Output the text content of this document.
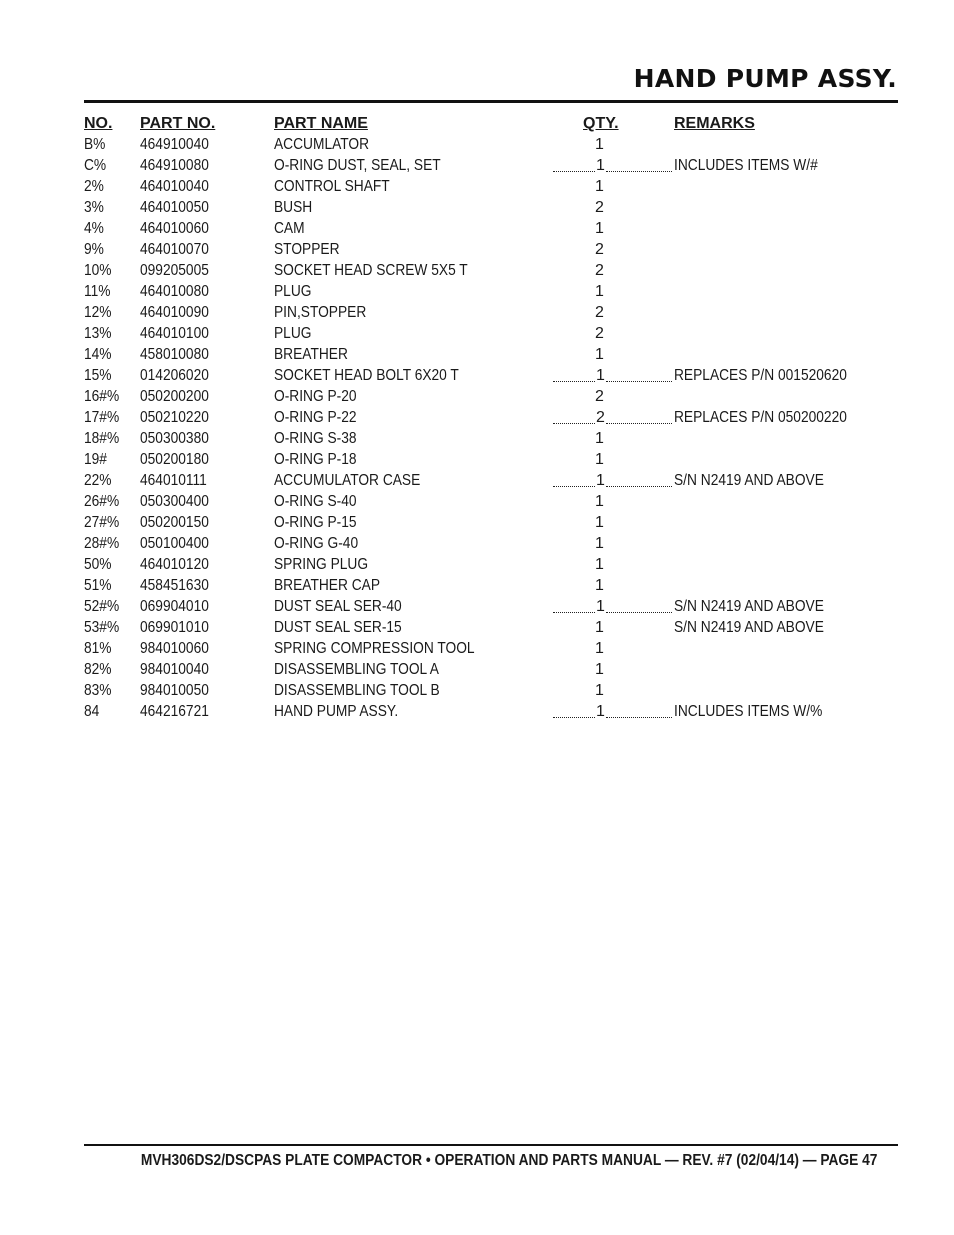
HAND PUMP ASSY.
NO.	PART NO.	PART NAME	QTY.	REMARKS
B%	464910040	ACCUMLATOR	1
C%	464910080	O-RING DUST, SEAL, SET	1	INCLUDES ITEMS W/#
2%	464010040	CONTROL SHAFT	1
3%	464010050	BUSH	2
4%	464010060	CAM	1
9%	464010070	STOPPER	2
10%	099205005	SOCKET HEAD SCREW 5X5 T	2
11%	464010080	PLUG	1
12%	464010090	PIN,STOPPER	2
13%	464010100	PLUG	2
14%	458010080	BREATHER	1
15%	014206020	SOCKET HEAD BOLT 6X20 T	1	REPLACES P/N 001520620
16#%	050200200	O-RING P-20	2
17#%	050210220	O-RING P-22	2	REPLACES P/N 050200220
18#%	050300380	O-RING S-38	1
19#	050200180	O-RING P-18	1
22%	464010111	ACCUMULATOR CASE	1	S/N N2419 AND ABOVE
26#%	050300400	O-RING S-40	1
27#%	050200150	O-RING P-15	1
28#%	050100400	O-RING G-40	1
50%	464010120	SPRING PLUG	1
51%	458451630	BREATHER CAP	1
52#%	069904010	DUST SEAL SER-40	1	S/N N2419 AND ABOVE
53#%	069901010	DUST SEAL SER-15	1	S/N N2419 AND ABOVE
81%	984010060	SPRING COMPRESSION TOOL	1
82%	984010040	DISASSEMBLING TOOL A	1
83%	984010050	DISASSEMBLING TOOL B	1
84	464216721	HAND PUMP ASSY.	1	INCLUDES ITEMS W/%
MVH306DS2/DSCPAS PLATE COMPACTOR • OPERATION AND PARTS MANUAL — REV. #7 (02/04/14) — PAGE 47
